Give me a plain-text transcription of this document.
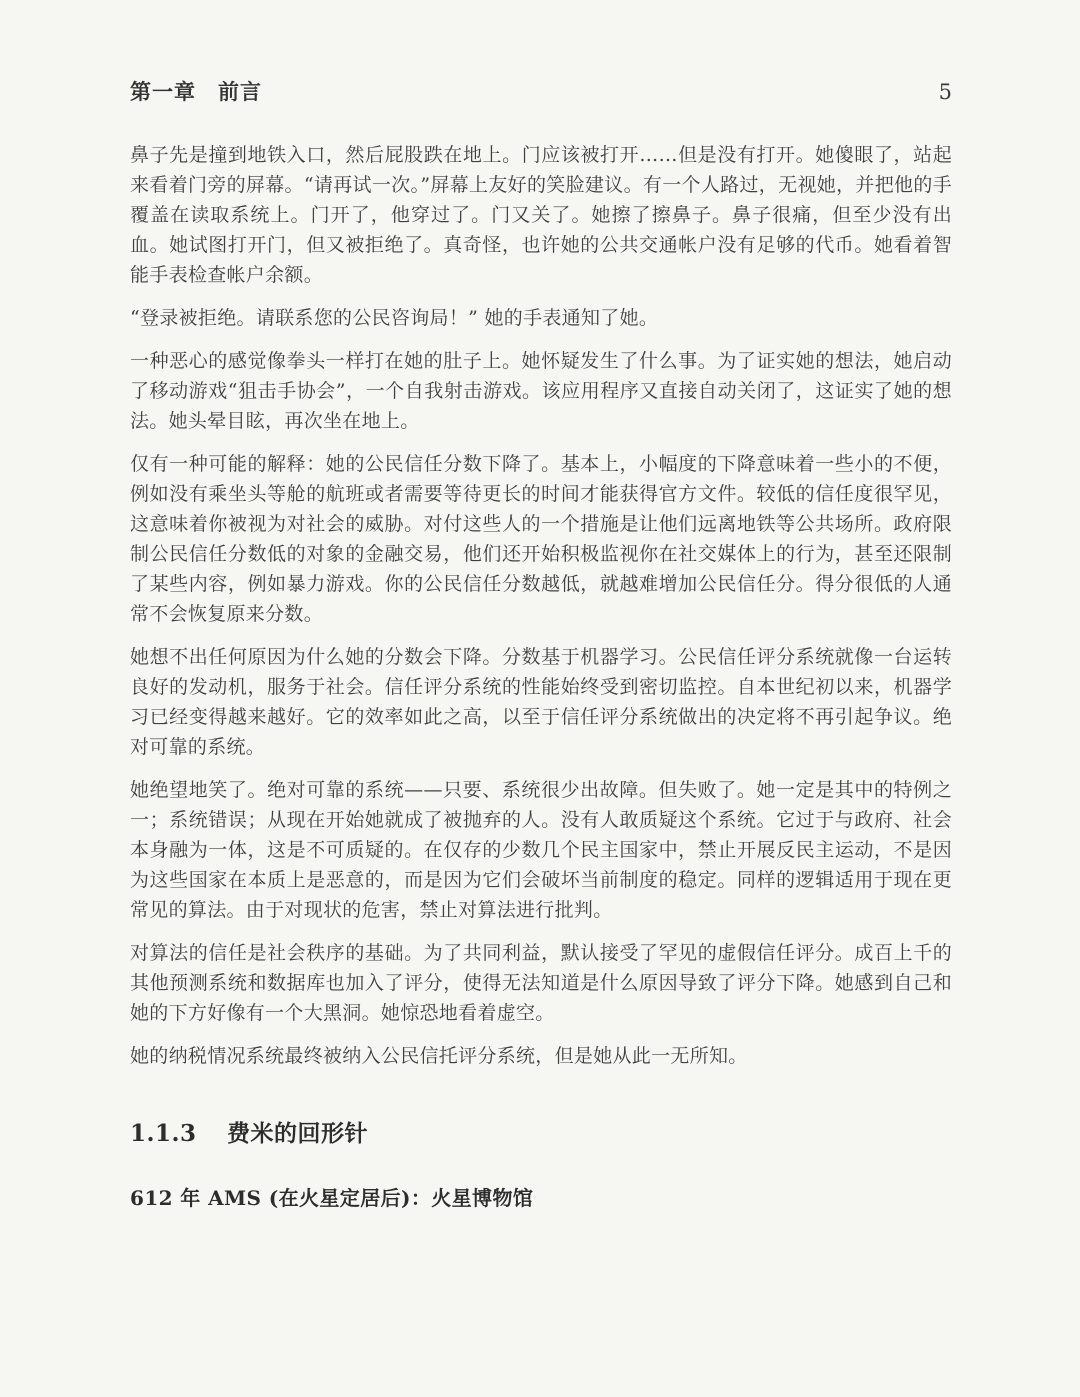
第一章　前言	5

鼻子先是撞到地铁入口，然后屁股跌在地上。门应该被打开……但是没有打开。她傻眼了，站起来看着门旁的屏幕。“请再试一次。”屏幕上友好的笑脸建议。有一个人路过，无视她，并把他的手覆盖在读取系统上。门开了，他穿过了。门又关了。她擦了擦鼻子。鼻子很痛，但至少没有出血。她试图打开门，但又被拒绝了。真奇怪，也许她的公共交通帐户没有足够的代币。她看着智能手表检查帐户余额。

“登录被拒绝。请联系您的公民咨询局！” 她的手表通知了她。

一种恶心的感觉像拳头一样打在她的肚子上。她怀疑发生了什么事。为了证实她的想法，她启动了移动游戏“狙击手协会”，一个自我射击游戏。该应用程序又直接自动关闭了，这证实了她的想法。她头晕目眩，再次坐在地上。

仅有一种可能的解释：她的公民信任分数下降了。基本上，小幅度的下降意味着一些小的不便，例如没有乘坐头等舱的航班或者需要等待更长的时间才能获得官方文件。较低的信任度很罕见，这意味着你被视为对社会的威胁。对付这些人的一个措施是让他们远离地铁等公共场所。政府限制公民信任分数低的对象的金融交易，他们还开始积极监视你在社交媒体上的行为，甚至还限制了某些内容，例如暴力游戏。你的公民信任分数越低，就越难增加公民信任分。得分很低的人通常不会恢复原来分数。

她想不出任何原因为什么她的分数会下降。分数基于机器学习。公民信任评分系统就像一台运转良好的发动机，服务于社会。信任评分系统的性能始终受到密切监控。自本世纪初以来，机器学习已经变得越来越好。它的效率如此之高，以至于信任评分系统做出的决定将不再引起争议。绝对可靠的系统。

她绝望地笑了。绝对可靠的系统——只要、系统很少出故障。但失败了。她一定是其中的特例之一；系统错误；从现在开始她就成了被抛弃的人。没有人敢质疑这个系统。它过于与政府、社会本身融为一体，这是不可质疑的。在仅存的少数几个民主国家中，禁止开展反民主运动，不是因为这些国家在本质上是恶意的，而是因为它们会破坏当前制度的稳定。同样的逻辑适用于现在更常见的算法。由于对现状的危害，禁止对算法进行批判。

对算法的信任是社会秩序的基础。为了共同利益，默认接受了罕见的虚假信任评分。成百上千的其他预测系统和数据库也加入了评分，使得无法知道是什么原因导致了评分下降。她感到自己和她的下方好像有一个大黑洞。她惊恐地看着虚空。

她的纳税情况系统最终被纳入公民信托评分系统，但是她从此一无所知。

1.1.3 费米的回形针
612 年 AMS (在火星定居后)：火星博物馆
